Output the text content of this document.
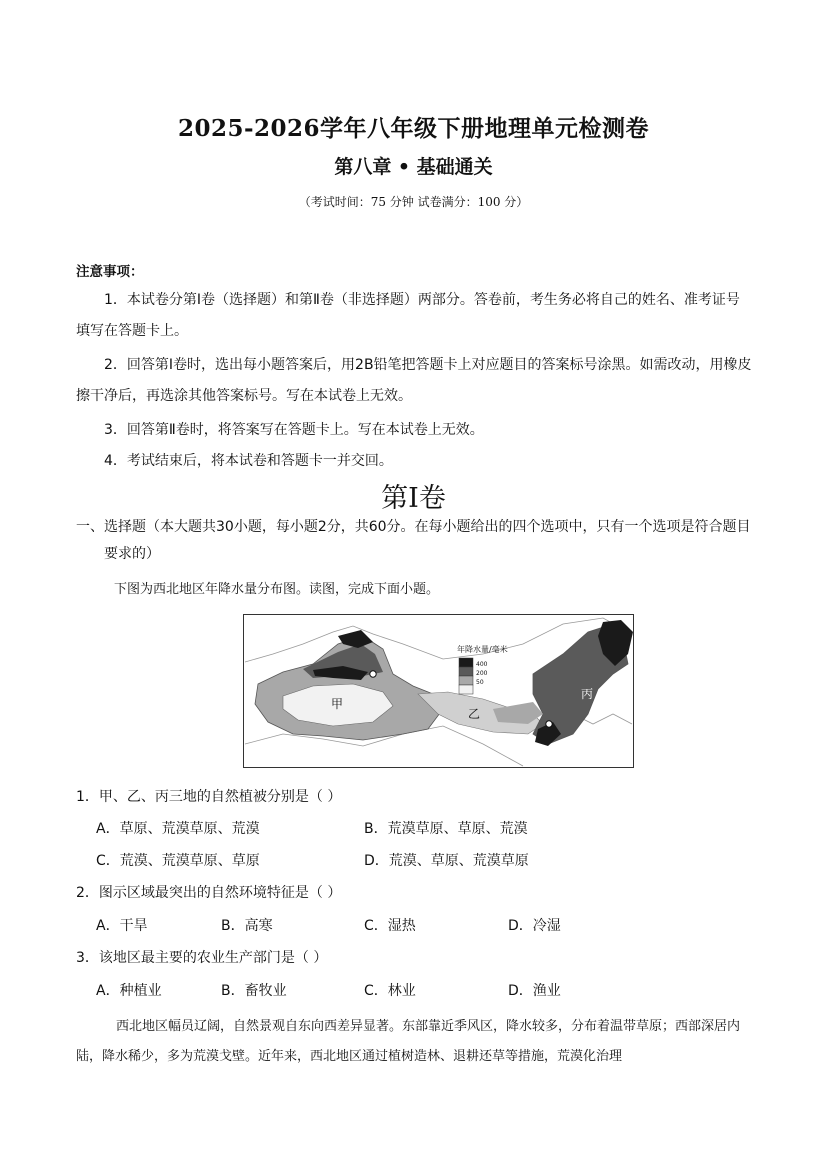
2025-2026学年八年级下册地理单元检测卷
第八章 • 基础通关
（考试时间：75 分钟 试卷满分：100 分）
注意事项：
1．本试卷分第Ⅰ卷（选择题）和第Ⅱ卷（非选择题）两部分。答卷前，考生务必将自己的姓名、准考证号填写在答题卡上。
2．回答第Ⅰ卷时，选出每小题答案后，用2B铅笔把答题卡上对应题目的答案标号涂黑。如需改动，用橡皮擦干净后，再选涂其他答案标号。写在本试卷上无效。
3．回答第Ⅱ卷时，将答案写在答题卡上。写在本试卷上无效。
4．考试结束后，将本试卷和答题卡一并交回。
第Ⅰ卷
一、选择题（本大题共30小题，每小题2分，共60分。在每小题给出的四个选项中，只有一个选项是符合题目要求的）
下图为西北地区年降水量分布图。读图，完成下面小题。
甲
乙
丙
年降水量/毫米
400
200
50
1．甲、乙、丙三地的自然植被分别是（ ）
A．草原、荒漠草原、荒漠	B．荒漠草原、草原、荒漠
C．荒漠、荒漠草原、草原	D．荒漠、草原、荒漠草原
2．图示区域最突出的自然环境特征是（ ）
A．干旱	B．高寒	C．湿热	D．冷湿
3．该地区最主要的农业生产部门是（ ）
A．种植业	B．畜牧业	C．林业	D．渔业
西北地区幅员辽阔，自然景观自东向西差异显著。东部靠近季风区，降水较多，分布着温带草原；西部深居内陆，降水稀少，多为荒漠戈壁。近年来，西北地区通过植树造林、退耕还草等措施，荒漠化治理
